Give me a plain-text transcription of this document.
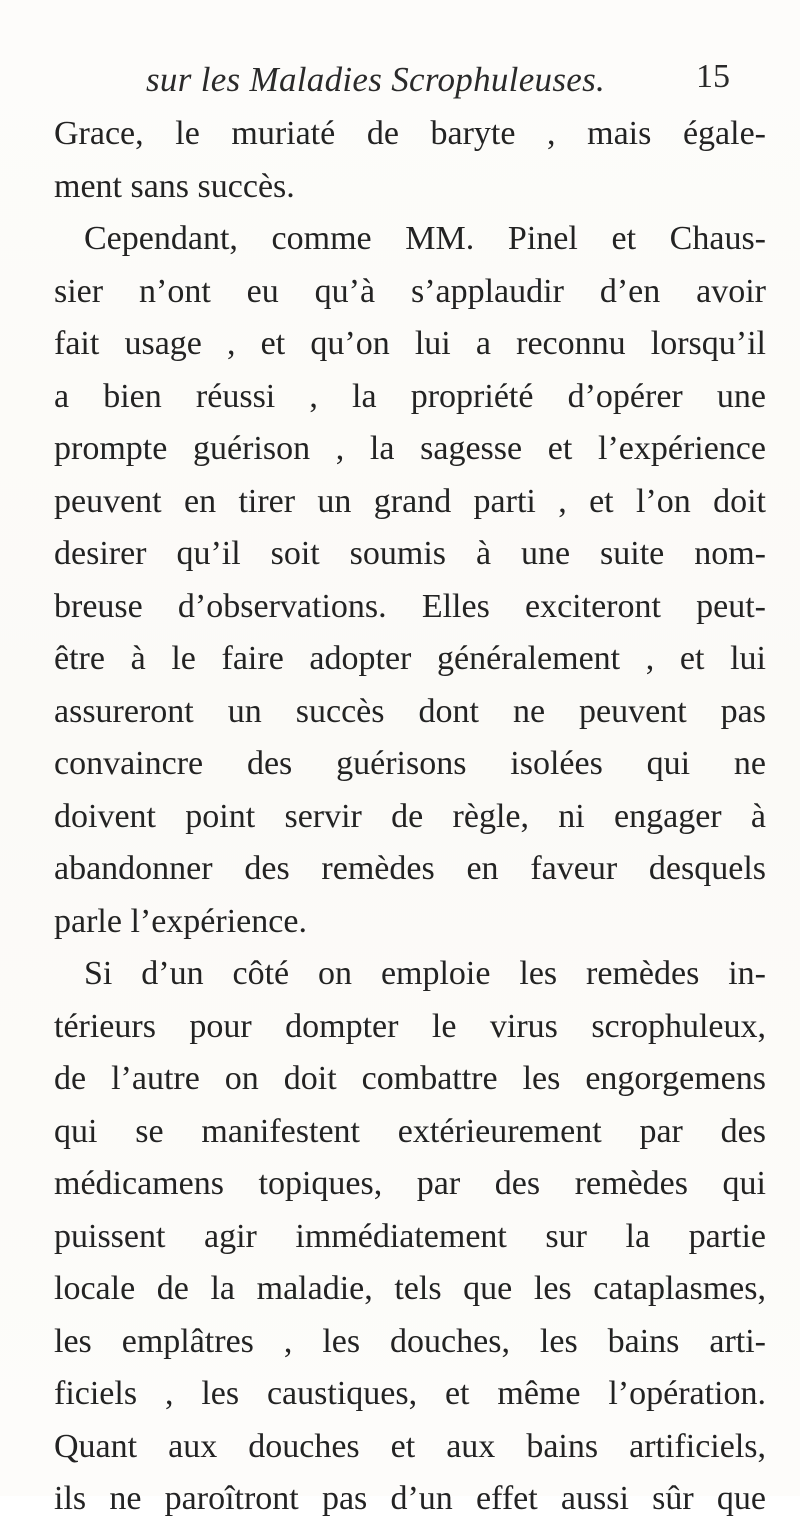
sur les Maladies Scrophuleuses.	15
Grace, le muriaté de baryte , mais égale-
ment sans succès.
Cependant, comme MM. Pinel et Chaus-
sier n’ont eu qu’à s’applaudir d’en avoir
fait usage , et qu’on lui a reconnu lorsqu’il
a bien réussi , la propriété d’opérer une
prompte guérison , la sagesse et l’expérience
peuvent en tirer un grand parti , et l’on doit
desirer qu’il soit soumis à une suite nom-
breuse d’observations. Elles exciteront peut-
être à le faire adopter généralement , et lui
assureront un succès dont ne peuvent pas
convaincre des guérisons isolées qui ne
doivent point servir de règle, ni engager à
abandonner des remèdes en faveur desquels
parle l’expérience.
Si d’un côté on emploie les remèdes in-
térieurs pour dompter le virus scrophuleux,
de l’autre on doit combattre les engorgemens
qui se manifestent extérieurement par des
médicamens topiques, par des remèdes qui
puissent agir immédiatement sur la partie
locale de la maladie, tels que les cataplasmes,
les emplâtres , les douches, les bains arti-
ficiels , les caustiques, et même l’opération.
Quant aux douches et aux bains artificiels,
ils ne paroîtront pas d’un effet aussi sûr que
